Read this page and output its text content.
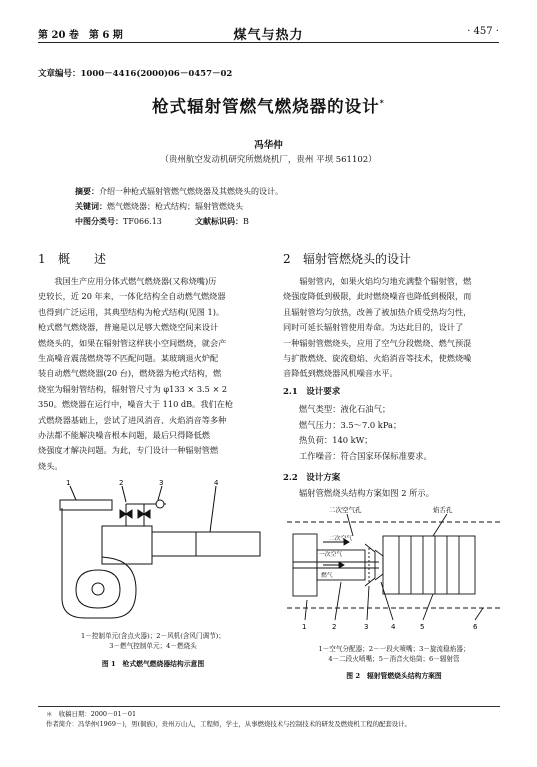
第 20 卷　第 6 期	煤气与热力	· 457 ·
文章编号：1000－4416(2000)06－0457－02
枪式辐射管燃气燃烧器的设计*
冯华仲
（贵州航空发动机研究所燃烧机厂，贵州 平坝 561102）
摘要：介绍一种枪式辐射管燃气燃烧器及其燃烧头的设计。
关键词：燃气燃烧器；枪式结构；辐射管燃烧头
中图分类号：TF066.13	文献标识码：B
1 概　　述
我国生产应用分体式燃气燃烧器(又称烧嘴)历
史较长，近 20 年来，一体化结构全自动燃气燃烧器
也得到广泛运用，其典型结构为枪式结构(见图 1)。
枪式燃气燃烧器，普遍是以足够大燃烧空间来设计
燃烧头的，如果在辐射管这样狭小空间燃烧，就会产
生高噪音震荡燃烧等不匹配问题。某玻璃退火炉配
装自动燃气燃烧器(20 台)，燃烧器为枪式结构，燃
烧室为辐射管结构，辐射管尺寸为 φ133 × 3.5 × 2
350。燃烧器在运行中，噪音大于 110 dB。我们在枪
式燃烧器基础上，尝试了进风消音、火焰消音等多种
办法都不能解决噪音根本问题，最后只得降低燃
烧强度才解决问题。为此，专门设计一种辐射管燃
烧头。
1	2	3	4
1－控制单元(含点火器)；2－风机(含风门调节)；
3－燃气控制单元；4－燃烧头
图 1　枪式燃气燃烧器结构示意图
2 辐射管燃烧头的设计
辐射管内，如果火焰均匀地充满整个辐射管，燃
烧强度降低到极限，此时燃烧噪音也降低到极限，而
且辐射管均匀放热，改善了被加热介质受热均匀性，
同时可延长辐射管使用寿命。为达此目的，设计了
一种辐射管燃烧头，应用了空气分段燃烧、燃气预混
与扩散燃烧、旋流稳焰、火焰消音等技术，使燃烧噪
音降低到燃烧器风机噪音水平。
2.1　设计要求
燃气类型：液化石油气；
燃气压力：3.5～7.0 kPa；
热负荷：140 kW；
工作噪音：符合国家环保标准要求。
2.2　设计方案
辐射管燃烧头结构方案如图 2 所示。
二次空气孔	焰舌孔
一次空气
二次空气
燃气
1	2	3	4	5	6
1－空气分配器；2－一段火喷嘴；3－旋流稳焰器；
4－二段火喷嘴；5－消音火焰筒；6－辐射管
图 2　辐射管燃烧头结构方案图
＊　收稿日期：2000－01－01
作者简介：冯华仲(1969－)，男(侗族)，贵州万山人，工程师，学士，从事燃烧技术与控制技术的研发及燃烧机工程的配套设计。
